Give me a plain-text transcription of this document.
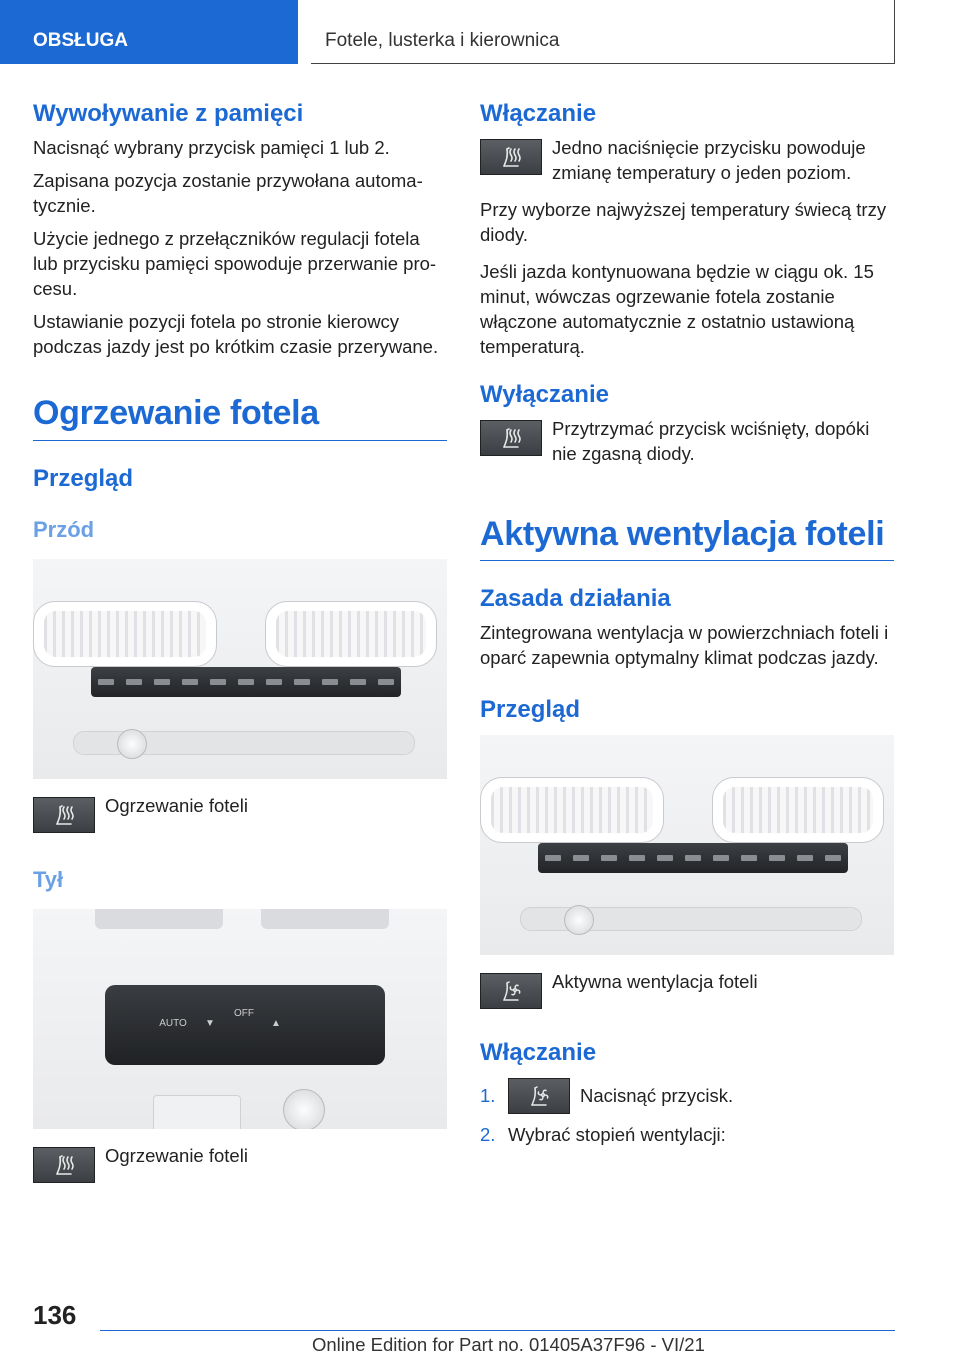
OBSŁUGA	Fotele, lusterka i kierownica
Wywoływanie z pamięci

Nacisnąć wybrany przycisk pamięci 1 lub 2.

Zapisana pozycja zostanie przywołana automa‐tycznie.

Użycie jednego z przełączników regulacji fotela lub przycisku pamięci spowoduje przerwanie pro‐cesu.

Ustawianie pozycji fotela po stronie kierowcy podczas jazdy jest po krótkim czasie przerywane.

Ogrzewanie fotela
Przegląd
Przód
Ogrzewanie foteli
Tył
AUTO	▼
OFF
▲
Ogrzewanie foteli
Włączanie
Jedno naciśnięcie przycisku powoduje zmianę temperatury o jeden poziom.

Przy wyborze najwyższej temperatury świecą trzy diody.

Jeśli jazda kontynuowana będzie w ciągu ok. 15 minut, wówczas ogrzewanie fotela zostanie włączone automatycznie z ostatnio ustawioną temperaturą.

Wyłączanie
Przytrzymać przycisk wciśnięty, dopóki nie zgasną diody.
Aktywna wentylacja foteli
Zasada działania

Zintegrowana wentylacja w powierzchniach foteli i oparć zapewnia optymalny klimat podczas jazdy.

Przegląd
Aktywna wentylacja foteli
Włączanie
1.	Nacisnąć przycisk.
2. Wybrać stopień wentylacji:
136
Online Edition for Part no. 01405A37F96 - VI/21
